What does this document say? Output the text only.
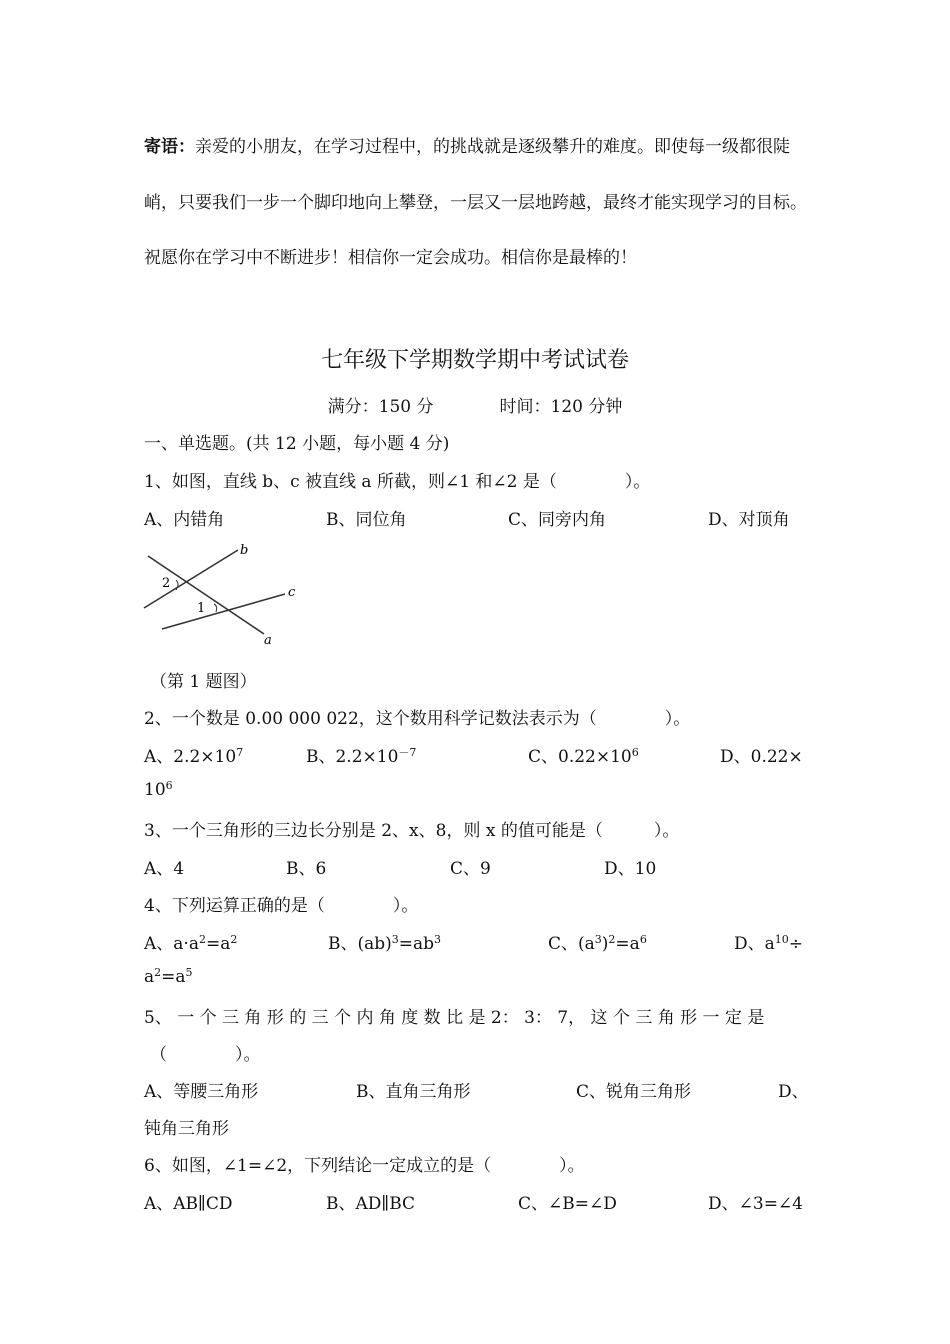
寄语：亲爱的小朋友，在学习过程中，的挑战就是逐级攀升的难度。即使每一级都很陡
峭，只要我们一步一个脚印地向上攀登，一层又一层地跨越，最终才能实现学习的目标。
祝愿你在学习中不断进步！相信你一定会成功。相信你是最棒的！
七年级下学期数学期中考试试卷
满分：150 分	时间：120 分钟
一、单选题。(共 12 小题，每小题 4 分)
1、如图，直线 b、c 被直线 a 所截，则∠1 和∠2 是（　　　　）。
A、内错角	B、同位角	C、同旁内角	D、对顶角
b
c
a
2
1
（第 1 题图）
2、一个数是 0.00 000 022，这个数用科学记数法表示为（　　　　）。
A、$2.2\times 10^7$	B、$2.2\times 10^{-7}$	C、$0.22\times 10^6$	D、0.22×
$10^6$
3、一个三角形的三边长分别是 2、x、8，则 x 的值可能是（　　　）。
A、4	B、6	C、9	D、10
4、下列运算正确的是（　　　　）。
A、$a\cdot a^2=a^2$	B、$(ab)^3=ab^3$	C、$(a^3)^2=a^6$	D、$a^{10}\div$
$a^2=a^5$
5、 一 个 三 角 形 的 三 个 内 角 度 数 比 是 2： 3： 7， 这 个 三 角 形 一 定 是
（　　　　）。
A、等腰三角形	B、直角三角形	C、锐角三角形	D、
钝角三角形
6、如图，∠1=∠2，下列结论一定成立的是（　　　　）。
A、AB∥CD	B、AD∥BC	C、∠B=∠D	D、∠3=∠4
